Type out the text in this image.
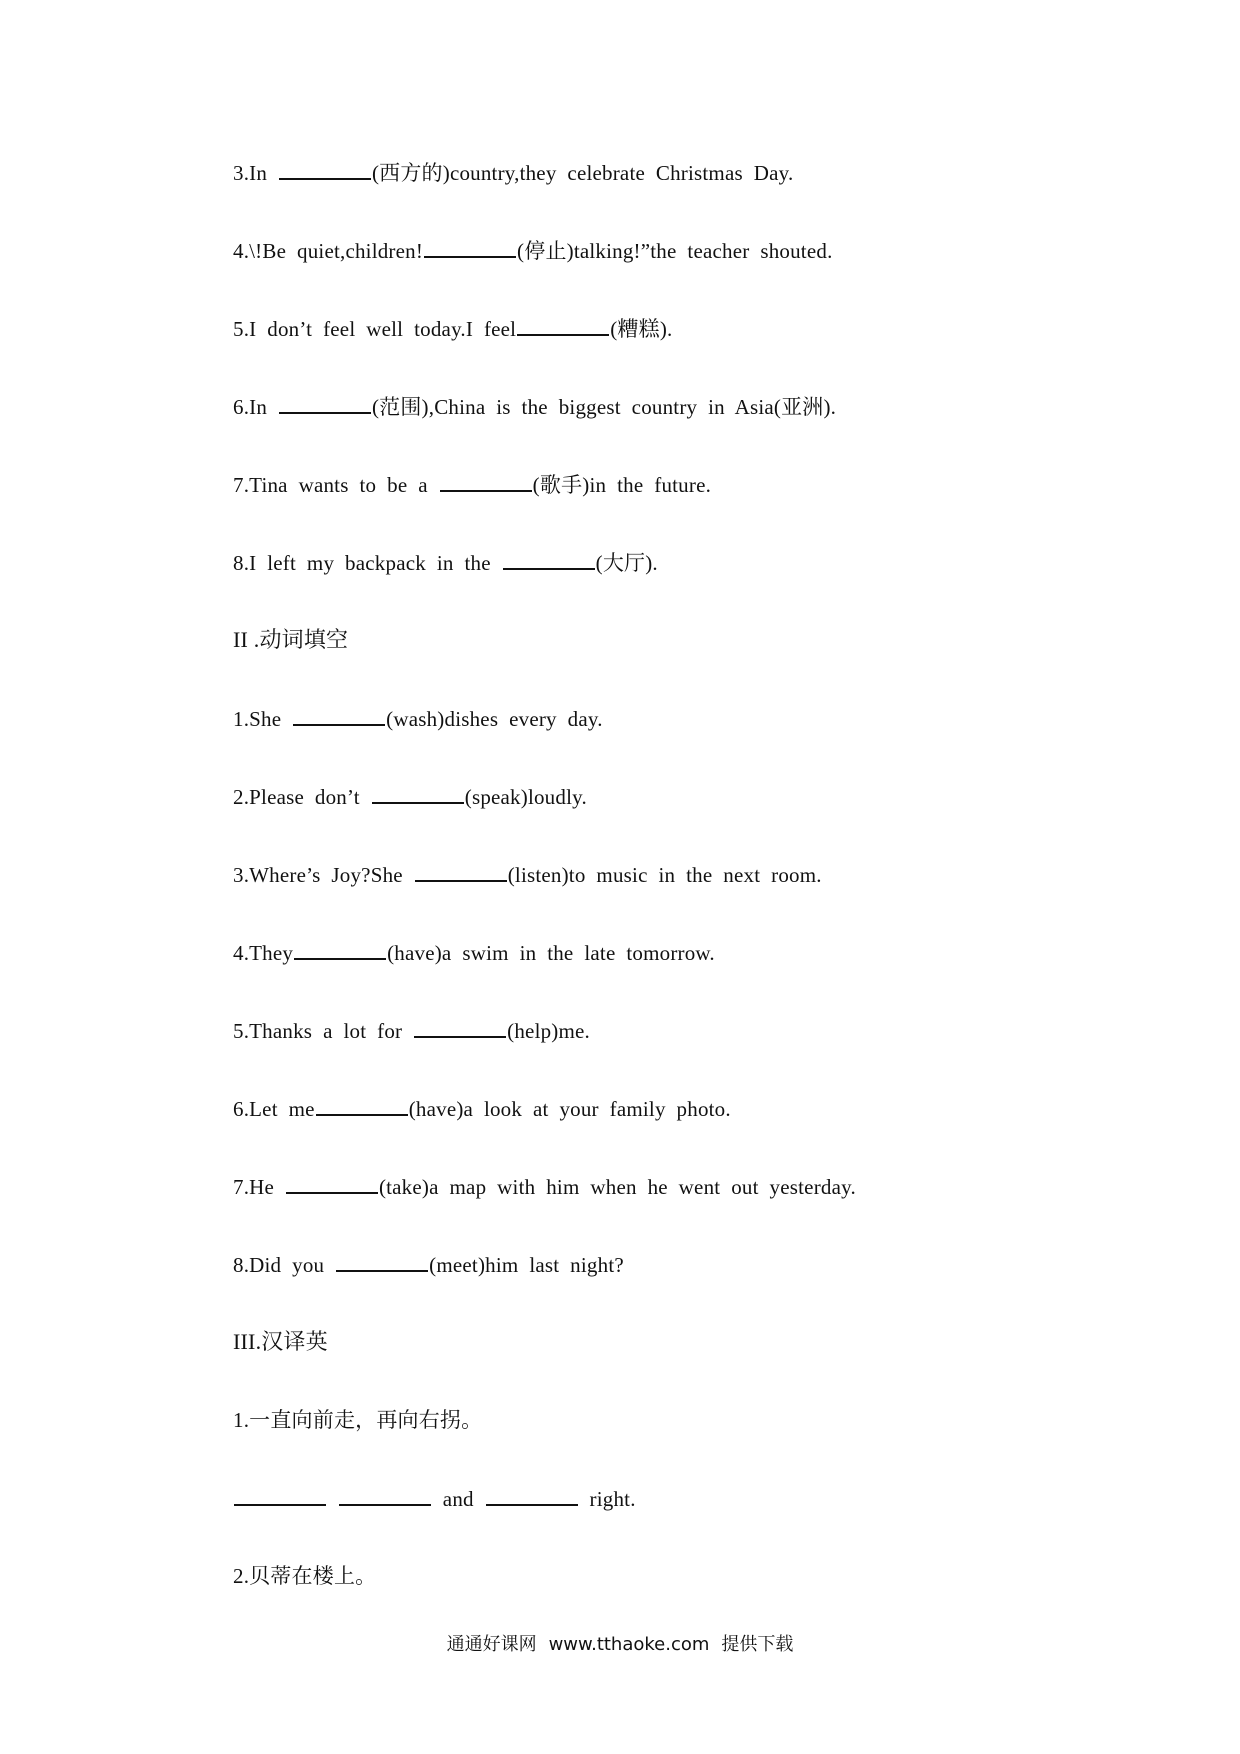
3.In	(西方的)country,they  celebrate  Christmas  Day.
4.\!Be  quiet,children!	(停止)talking!”the  teacher  shouted.
5.I  don’t  feel  well  today.I  feel	(糟糕).
6.In	(范围),China  is  the  biggest  country  in  Asia(亚洲).
7.Tina  wants  to  be  a	(歌手)in  the  future.
8.I  left  my  backpack  in  the	(大厅).
II .动词填空
1.She	(wash)dishes  every  day.
2.Please  don’t	(speak)loudly.
3.Where’s  Joy?She	(listen)to  music  in  the  next  room.
4.They	(have)a  swim  in  the  late  tomorrow.
5.Thanks  a  lot  for	(help)me.
6.Let  me	(have)a  look  at  your  family  photo.
7.He	(take)a  map  with  him  when  he  went  out  yesterday.
8.Did  you	(meet)him  last  night?
III.汉译英
1.一直向前走，再向右拐。
and	right.
2.贝蒂在楼上。
通通好课网 www.tthaoke.com 提供下载
